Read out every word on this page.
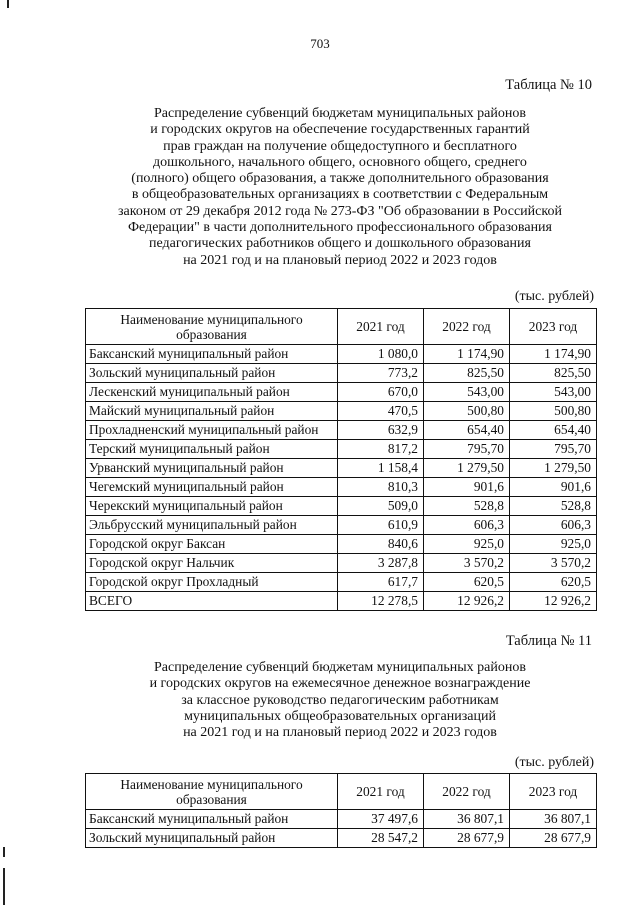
703
Таблица № 10
Распределение субвенций бюджетам муниципальных районов
и городских округов на обеспечение государственных гарантий
прав граждан на получение общедоступного и бесплатного
дошкольного, начального общего, основного общего, среднего
(полного) общего образования, а также дополнительного образования
в общеобразовательных организациях в соответствии с Федеральным
законом от 29 декабря 2012 года № 273-ФЗ "Об образовании в Российской
Федерации" в части дополнительного профессионального образования
педагогических работников общего и дошкольного образования
на 2021 год и на плановый период 2022 и 2023 годов
(тыс. рублей)
Наименование муниципального
образования	2021 год	2022 год	2023 год
Баксанский муниципальный район	1 080,0	1 174,90	1 174,90
Зольский муниципальный район	773,2	825,50	825,50
Лескенский муниципальный район	670,0	543,00	543,00
Майский муниципальный район	470,5	500,80	500,80
Прохладненский муниципальный район	632,9	654,40	654,40
Терский муниципальный район	817,2	795,70	795,70
Урванский муниципальный район	1 158,4	1 279,50	1 279,50
Чегемский муниципальный район	810,3	901,6	901,6
Черекский муниципальный район	509,0	528,8	528,8
Эльбрусский муниципальный район	610,9	606,3	606,3
Городской округ Баксан	840,6	925,0	925,0
Городской округ Нальчик	3 287,8	3 570,2	3 570,2
Городской округ Прохладный	617,7	620,5	620,5
ВСЕГО	12 278,5	12 926,2	12 926,2
Таблица № 11
Распределение субвенций бюджетам муниципальных районов
и городских округов на ежемесячное денежное вознаграждение
за классное руководство педагогическим работникам
муниципальных общеобразовательных организаций
на 2021 год и на плановый период 2022 и 2023 годов
(тыс. рублей)
Наименование муниципального
образования	2021 год	2022 год	2023 год
Баксанский муниципальный район	37 497,6	36 807,1	36 807,1
Зольский муниципальный район	28 547,2	28 677,9	28 677,9
